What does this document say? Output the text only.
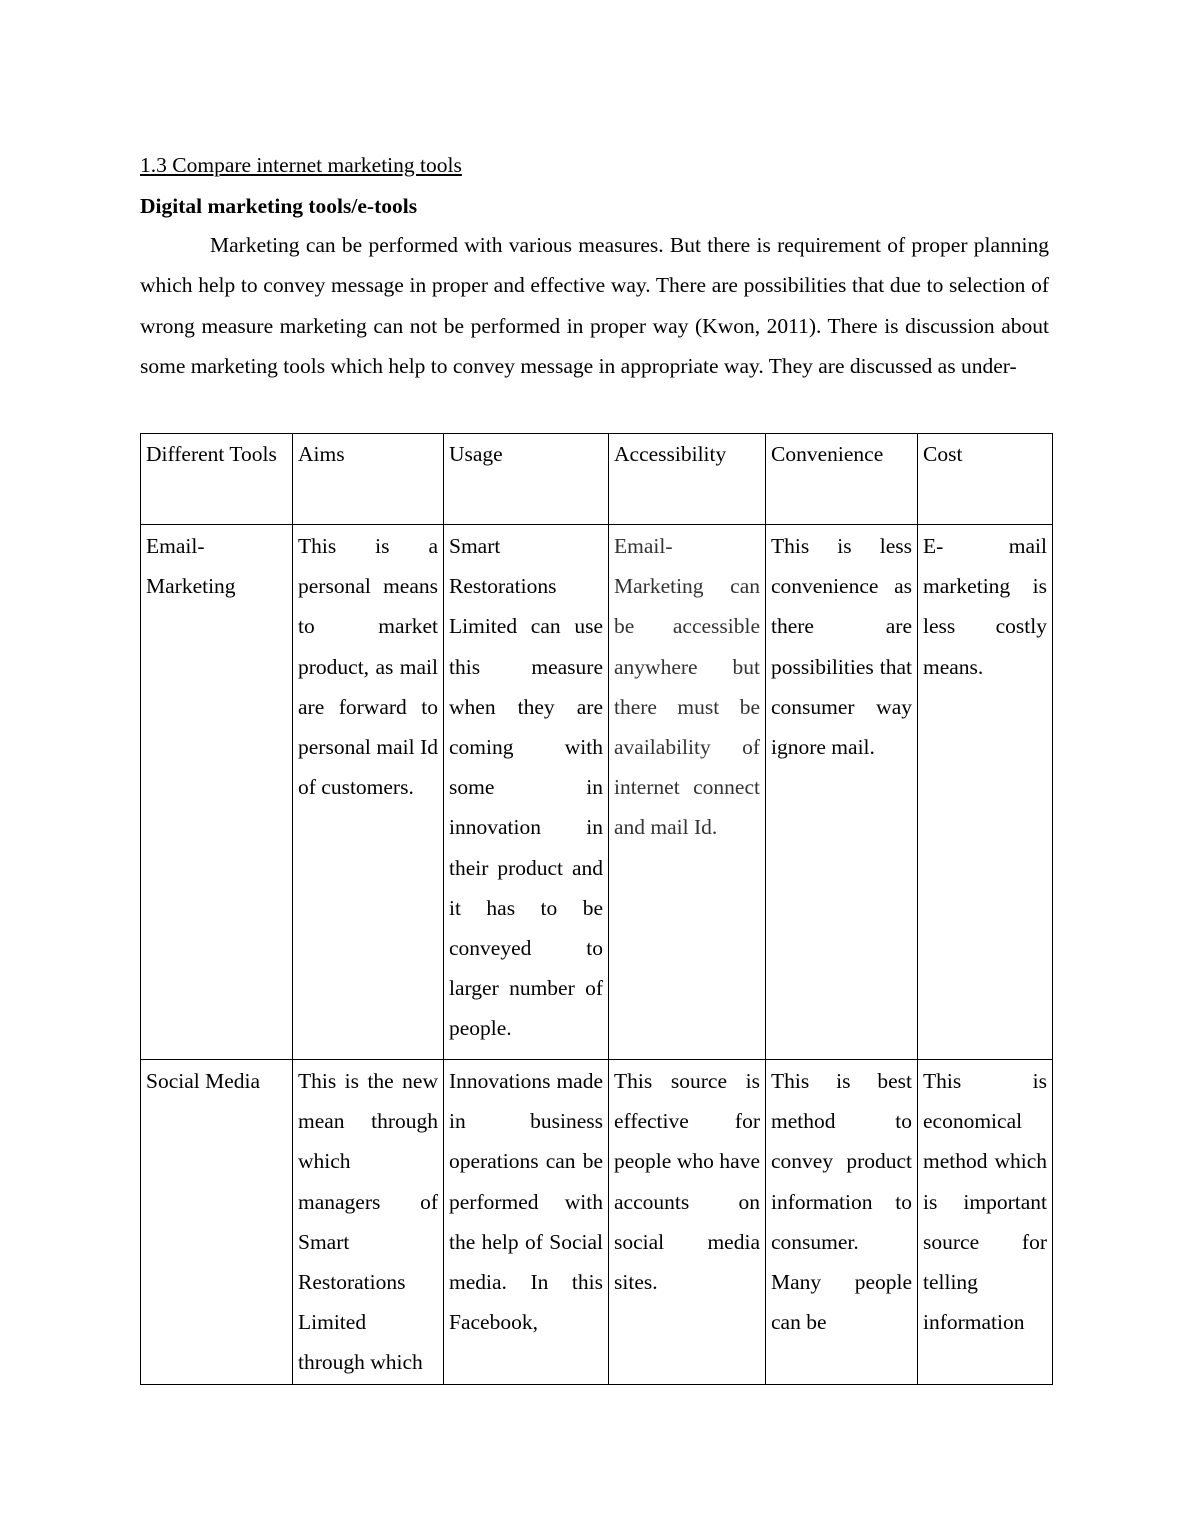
1.3 Compare internet marketing tools
Digital marketing tools/e-tools

Marketing can be performed with various measures. But there is requirement of proper planning which help to convey message in proper and effective way. There are possibilities that due to selection of wrong measure marketing can not be performed in proper way (Kwon, 2011). There is discussion about some marketing tools which help to convey message in appropriate way. They are discussed as under-

Different Tools	Aims	Usage	Accessibility	Convenience	Cost
Email-Marketing	This is a personal means to market product, as mail are forward to personal mail Id of customers.	Smart Restorations Limited can use this measure when they are coming with some in innovation in their product and it has to be conveyed to larger number of people.	Email-Marketing can be accessible anywhere but there must be availability of internet connect and mail Id.	This is less convenience as there are possibilities that consumer way ignore mail.	E- mail marketing is less costly means.

Social Media	This is the new mean through which managers of Smart Restorations Limited through which	Innovations made in business operations can be performed with the help of Social media. In this Facebook,	This source is effective for people who have accounts on social media sites.	This is best method to convey product information to consumer. Many people can be	This is economical method which is important source for telling information
